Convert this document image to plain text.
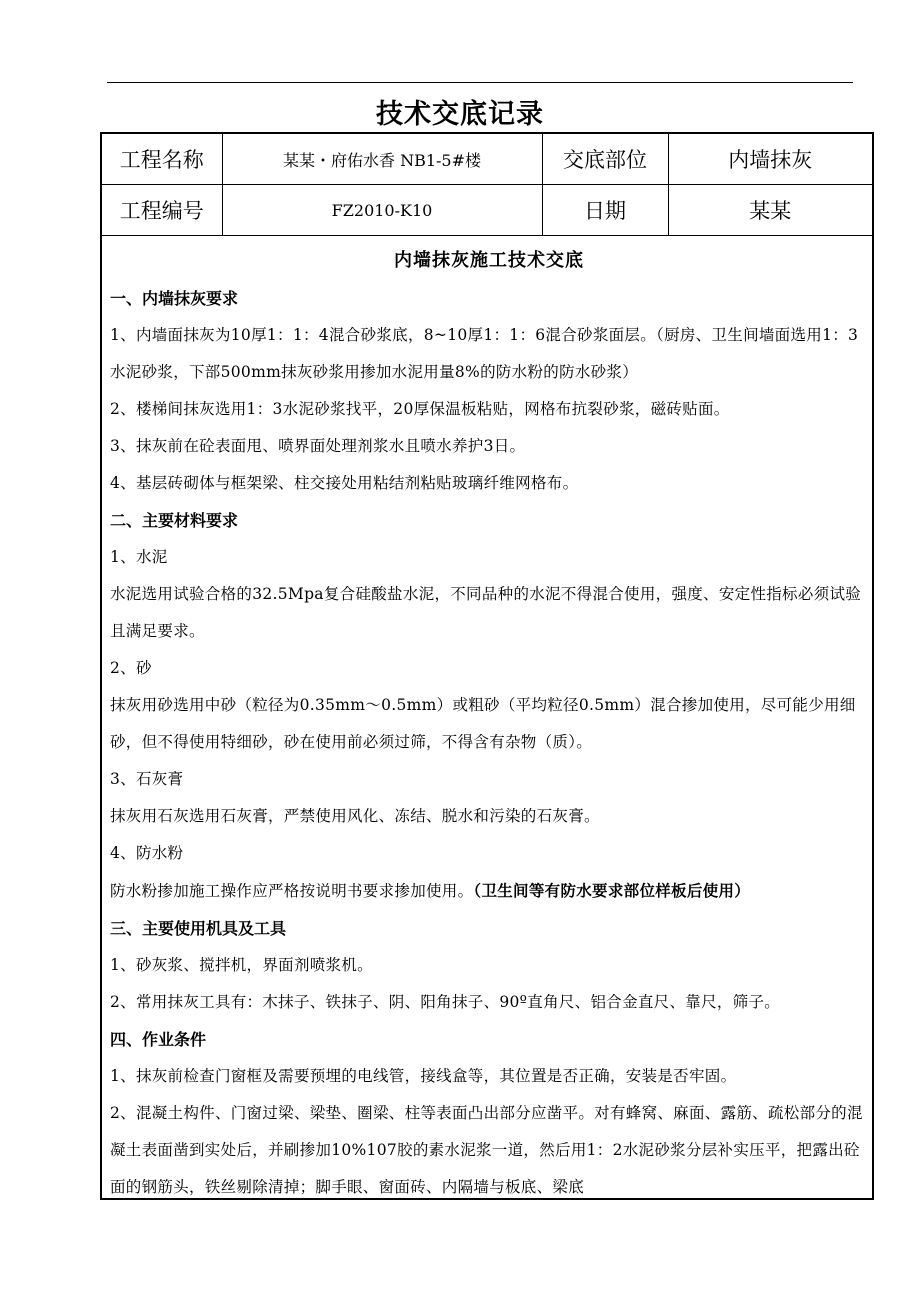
技术交底记录
工程名称	某某・府佑水香 NB1-5#楼	交底部位	内墙抹灰
工程编号	FZ2010-K10	日期	某某
内墙抹灰施工技术交底

一、内墙抹灰要求

1、内墙面抹灰为10厚1：1：4混合砂浆底，8~10厚1：1：6混合砂浆面层。（厨房、卫生间墙面选用1：3水泥砂浆，下部500mm抹灰砂浆用掺加水泥用量8%的防水粉的防水砂浆）

2、楼梯间抹灰选用1：3水泥砂浆找平，20厚保温板粘贴，网格布抗裂砂浆，磁砖贴面。

3、抹灰前在砼表面甩、喷界面处理剂浆水且喷水养护3日。

4、基层砖砌体与框架梁、柱交接处用粘结剂粘贴玻璃纤维网格布。

二、主要材料要求

1、水泥

水泥选用试验合格的32.5Mpa复合硅酸盐水泥，不同品种的水泥不得混合使用，强度、安定性指标必须试验且满足要求。

2、砂

抹灰用砂选用中砂（粒径为0.35mm～0.5mm）或粗砂（平均粒径0.5mm）混合掺加使用，尽可能少用细砂，但不得使用特细砂，砂在使用前必须过筛，不得含有杂物（质）。

3、石灰膏

抹灰用石灰选用石灰膏，严禁使用风化、冻结、脱水和污染的石灰膏。

4、防水粉

防水粉掺加施工操作应严格按说明书要求掺加使用。（卫生间等有防水要求部位样板后使用）

三、主要使用机具及工具

1、砂灰浆、搅拌机，界面剂喷浆机。

2、常用抹灰工具有：木抹子、铁抹子、阴、阳角抹子、90º直角尺、铝合金直尺、靠尺，筛子。

四、作业条件

1、抹灰前检查门窗框及需要预埋的电线管，接线盒等，其位置是否正确，安装是否牢固。

2、混凝土构件、门窗过梁、梁垫、圈梁、柱等表面凸出部分应凿平。对有蜂窝、麻面、露筋、疏松部分的混凝土表面凿到实处后，并刷掺加10%107胶的素水泥浆一道，然后用1：2水泥砂浆分层补实压平，把露出砼面的钢筋头，铁丝剔除清掉；脚手眼、窗面砖、内隔墙与板底、梁底
